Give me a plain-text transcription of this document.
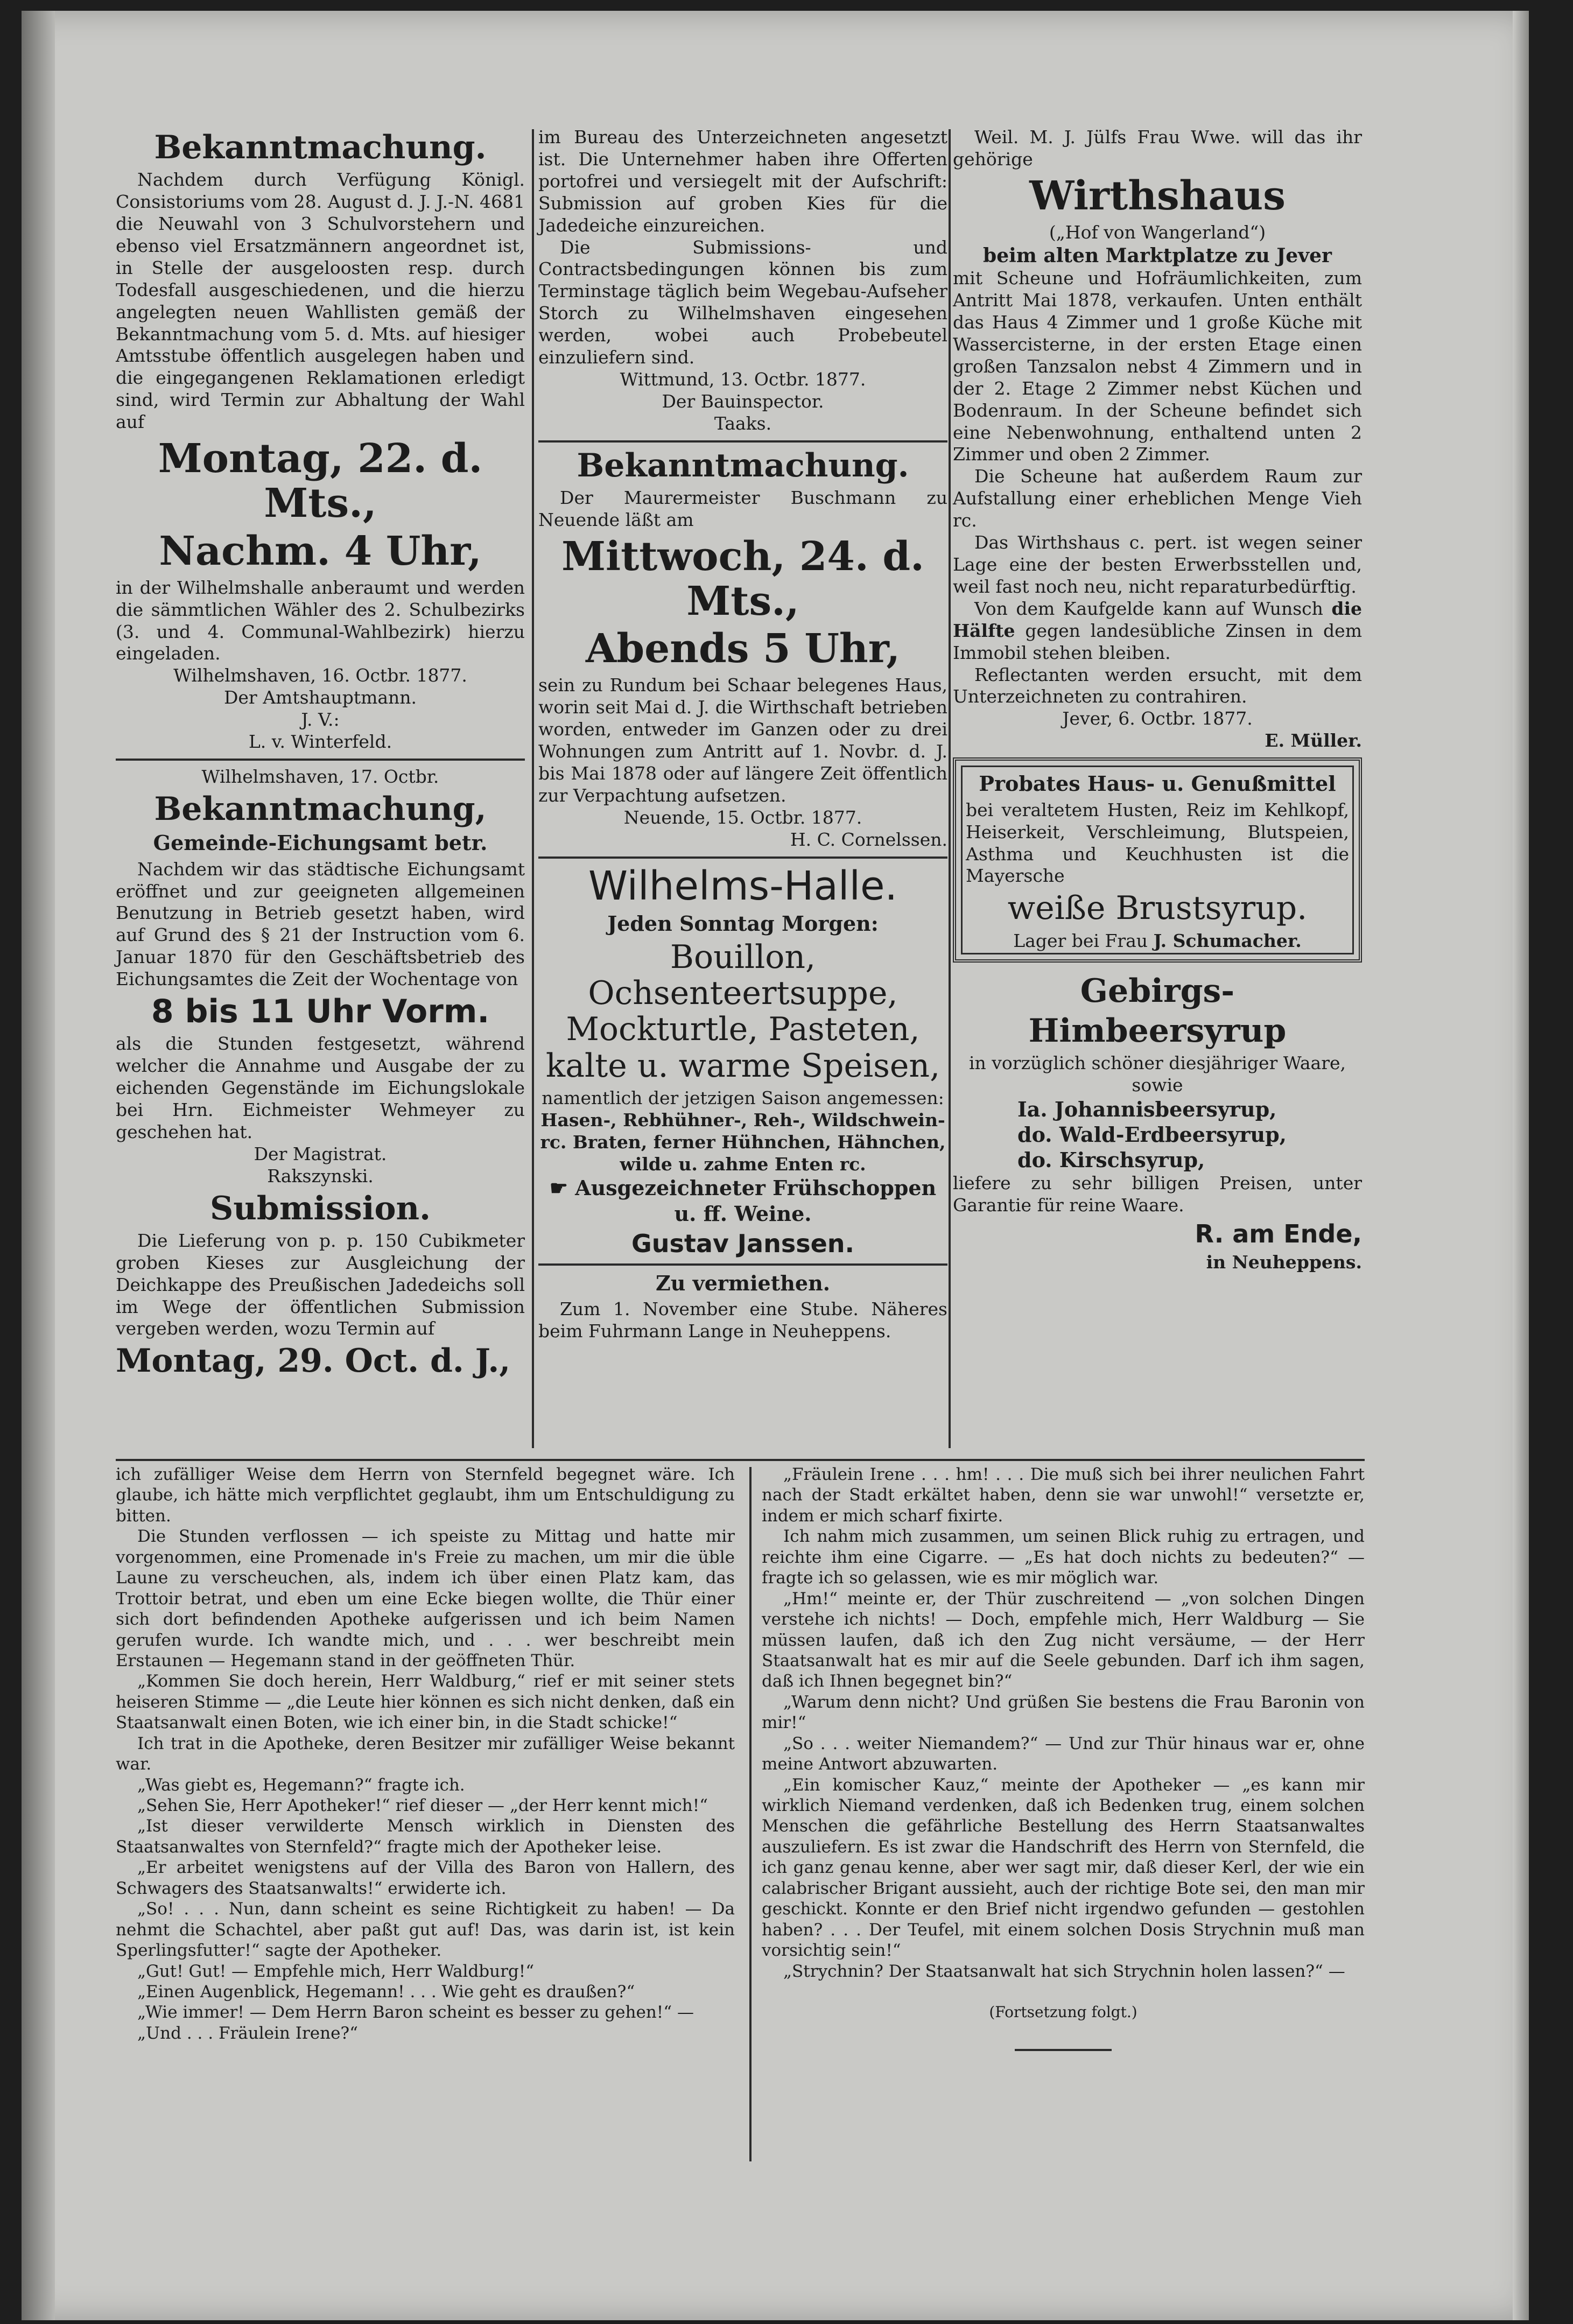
Bekanntmachung.

Nachdem durch Verfügung Königl. Consistoriums vom 28. August d. J. J.-N. 4681 die Neuwahl von 3 Schulvorstehern und ebenso viel Ersatzmännern angeordnet ist, in Stelle der ausgeloosten resp. durch Todesfall ausgeschiedenen, und die hierzu angelegten neuen Wahllisten gemäß der Bekanntmachung vom 5. d. Mts. auf hiesiger Amtsstube öffentlich ausgelegen haben und die eingegangenen Reklamationen erledigt sind, wird Termin zur Abhaltung der Wahl auf

Montag, 22. d. Mts.,
Nachm. 4 Uhr,

in der Wilhelmshalle anberaumt und werden die sämmtlichen Wähler des 2. Schulbezirks (3. und 4. Communal-Wahlbezirk) hierzu eingeladen.

Wilhelmshaven, 16. Octbr. 1877.
Der Amtshauptmann.
J. V.:
L. v. Winterfeld.
Wilhelmshaven, 17. Octbr.
Bekanntmachung,
Gemeinde-Eichungsamt betr.

Nachdem wir das städtische Eichungsamt eröffnet und zur geeigneten allgemeinen Benutzung in Betrieb gesetzt haben, wird auf Grund des § 21 der Instruction vom 6. Januar 1870 für den Geschäftsbetrieb des Eichungsamtes die Zeit der Wochentage von

8 bis 11 Uhr Vorm.

als die Stunden festgesetzt, während welcher die Annahme und Ausgabe der zu eichenden Gegenstände im Eichungslokale bei Hrn. Eichmeister Wehmeyer zu geschehen hat.

Der Magistrat.
Rakszynski.
Submission.

Die Lieferung von p. p. 150 Cubikmeter groben Kieses zur Ausgleichung der Deichkappe des Preußischen Jadedeichs soll im Wege der öffentlichen Submission vergeben werden, wozu Termin auf

Montag, 29. Oct. d. J.,

im Bureau des Unterzeichneten angesetzt ist. Die Unternehmer haben ihre Offerten portofrei und versiegelt mit der Aufschrift: Submission auf groben Kies für die Jadedeiche einzureichen.

Die Submissions- und Contractsbedingungen können bis zum Terminstage täglich beim Wegebau-Aufseher Storch zu Wilhelmshaven eingesehen werden, wobei auch Probebeutel einzuliefern sind.

Wittmund, 13. Octbr. 1877.
Der Bauinspector.
Taaks.
Bekanntmachung.

Der Maurermeister Buschmann zu Neuende läßt am

Mittwoch, 24. d. Mts.,
Abends 5 Uhr,

sein zu Rundum bei Schaar belegenes Haus, worin seit Mai d. J. die Wirthschaft betrieben worden, entweder im Ganzen oder zu drei Wohnungen zum Antritt auf 1. Novbr. d. J. bis Mai 1878 oder auf längere Zeit öffentlich zur Verpachtung aufsetzen.

Neuende, 15. Octbr. 1877.
H. C. Cornelssen.
Wilhelms-Halle.
Jeden Sonntag Morgen:
Bouillon, Ochsenteertsuppe, Mockturtle, Pasteten, kalte u. warme Speisen,
namentlich der jetzigen Saison angemessen:
Hasen-, Rebhühner-, Reh-, Wildschwein- rc. Braten, ferner Hühnchen, Hähnchen, wilde u. zahme Enten rc.
☛ Ausgezeichneter Frühschoppen u. ff. Weine.
Gustav Janssen.
Zu vermiethen.

Zum 1. November eine Stube. Näheres beim Fuhrmann Lange in Neuheppens.

Weil. M. J. Jülfs Frau Wwe. will das ihr gehörige

Wirthshaus
(„Hof von Wangerland“)
beim alten Marktplatze zu Jever

mit Scheune und Hofräumlichkeiten, zum Antritt Mai 1878, verkaufen. Unten enthält das Haus 4 Zimmer und 1 große Küche mit Wassercisterne, in der ersten Etage einen großen Tanzsalon nebst 4 Zimmern und in der 2. Etage 2 Zimmer nebst Küchen und Bodenraum. In der Scheune befindet sich eine Nebenwohnung, enthaltend unten 2 Zimmer und oben 2 Zimmer.

Die Scheune hat außerdem Raum zur Aufstallung einer erheblichen Menge Vieh rc.

Das Wirthshaus c. pert. ist wegen seiner Lage eine der besten Erwerbsstellen und, weil fast noch neu, nicht reparaturbedürftig.

Von dem Kaufgelde kann auf Wunsch die Hälfte gegen landesübliche Zinsen in dem Immobil stehen bleiben.

Reflectanten werden ersucht, mit dem Unterzeichneten zu contrahiren.

Jever, 6. Octbr. 1877.
E. Müller.
Probates Haus- u. Genußmittel

bei veraltetem Husten, Reiz im Kehlkopf, Heiserkeit, Verschleimung, Blutspeien, Asthma und Keuchhusten ist die Mayersche

weiße Brustsyrup.
Lager bei Frau J. Schumacher.
Gebirgs-
Himbeersyrup
in vorzüglich schöner diesjähriger Waare, sowie
Ia. Johannisbeersyrup,
do. Wald-Erdbeersyrup,
do. Kirschsyrup,

liefere zu sehr billigen Preisen, unter Garantie für reine Waare.

R. am Ende,
in Neuheppens.

ich zufälliger Weise dem Herrn von Sternfeld begegnet wäre. Ich glaube, ich hätte mich verpflichtet geglaubt, ihm um Entschuldigung zu bitten.

Die Stunden verflossen — ich speiste zu Mittag und hatte mir vorgenommen, eine Promenade in's Freie zu machen, um mir die üble Laune zu verscheuchen, als, indem ich über einen Platz kam, das Trottoir betrat, und eben um eine Ecke biegen wollte, die Thür einer sich dort befindenden Apotheke aufgerissen und ich beim Namen gerufen wurde. Ich wandte mich, und . . . wer beschreibt mein Erstaunen — Hegemann stand in der geöffneten Thür.

„Kommen Sie doch herein, Herr Waldburg,“ rief er mit seiner stets heiseren Stimme — „die Leute hier können es sich nicht denken, daß ein Staatsanwalt einen Boten, wie ich einer bin, in die Stadt schicke!“

Ich trat in die Apotheke, deren Besitzer mir zufälliger Weise bekannt war.

„Was giebt es, Hegemann?“ fragte ich.

„Sehen Sie, Herr Apotheker!“ rief dieser — „der Herr kennt mich!“

„Ist dieser verwilderte Mensch wirklich in Diensten des Staatsanwaltes von Sternfeld?“ fragte mich der Apotheker leise.

„Er arbeitet wenigstens auf der Villa des Baron von Hallern, des Schwagers des Staatsanwalts!“ erwiderte ich.

„So! . . . Nun, dann scheint es seine Richtigkeit zu haben! — Da nehmt die Schachtel, aber paßt gut auf! Das, was darin ist, ist kein Sperlingsfutter!“ sagte der Apotheker.

„Gut! Gut! — Empfehle mich, Herr Waldburg!“

„Einen Augenblick, Hegemann! . . . Wie geht es draußen?“

„Wie immer! — Dem Herrn Baron scheint es besser zu gehen!“ —

„Und . . . Fräulein Irene?“

„Fräulein Irene . . . hm! . . . Die muß sich bei ihrer neulichen Fahrt nach der Stadt erkältet haben, denn sie war unwohl!“ versetzte er, indem er mich scharf fixirte.

Ich nahm mich zusammen, um seinen Blick ruhig zu ertragen, und reichte ihm eine Cigarre. — „Es hat doch nichts zu bedeuten?“ — fragte ich so gelassen, wie es mir möglich war.

„Hm!“ meinte er, der Thür zuschreitend — „von solchen Dingen verstehe ich nichts! — Doch, empfehle mich, Herr Waldburg — Sie müssen laufen, daß ich den Zug nicht versäume, — der Herr Staatsanwalt hat es mir auf die Seele gebunden. Darf ich ihm sagen, daß ich Ihnen begegnet bin?“

„Warum denn nicht? Und grüßen Sie bestens die Frau Baronin von mir!“

„So . . . weiter Niemandem?“ — Und zur Thür hinaus war er, ohne meine Antwort abzuwarten.

„Ein komischer Kauz,“ meinte der Apotheker — „es kann mir wirklich Niemand verdenken, daß ich Bedenken trug, einem solchen Menschen die gefährliche Bestellung des Herrn Staatsanwaltes auszuliefern. Es ist zwar die Handschrift des Herrn von Sternfeld, die ich ganz genau kenne, aber wer sagt mir, daß dieser Kerl, der wie ein calabrischer Brigant aussieht, auch der richtige Bote sei, den man mir geschickt. Konnte er den Brief nicht irgendwo gefunden — gestohlen haben? . . . Der Teufel, mit einem solchen Dosis Strychnin muß man vorsichtig sein!“

„Strychnin? Der Staatsanwalt hat sich Strychnin holen lassen?“ —

(Fortsetzung folgt.)
